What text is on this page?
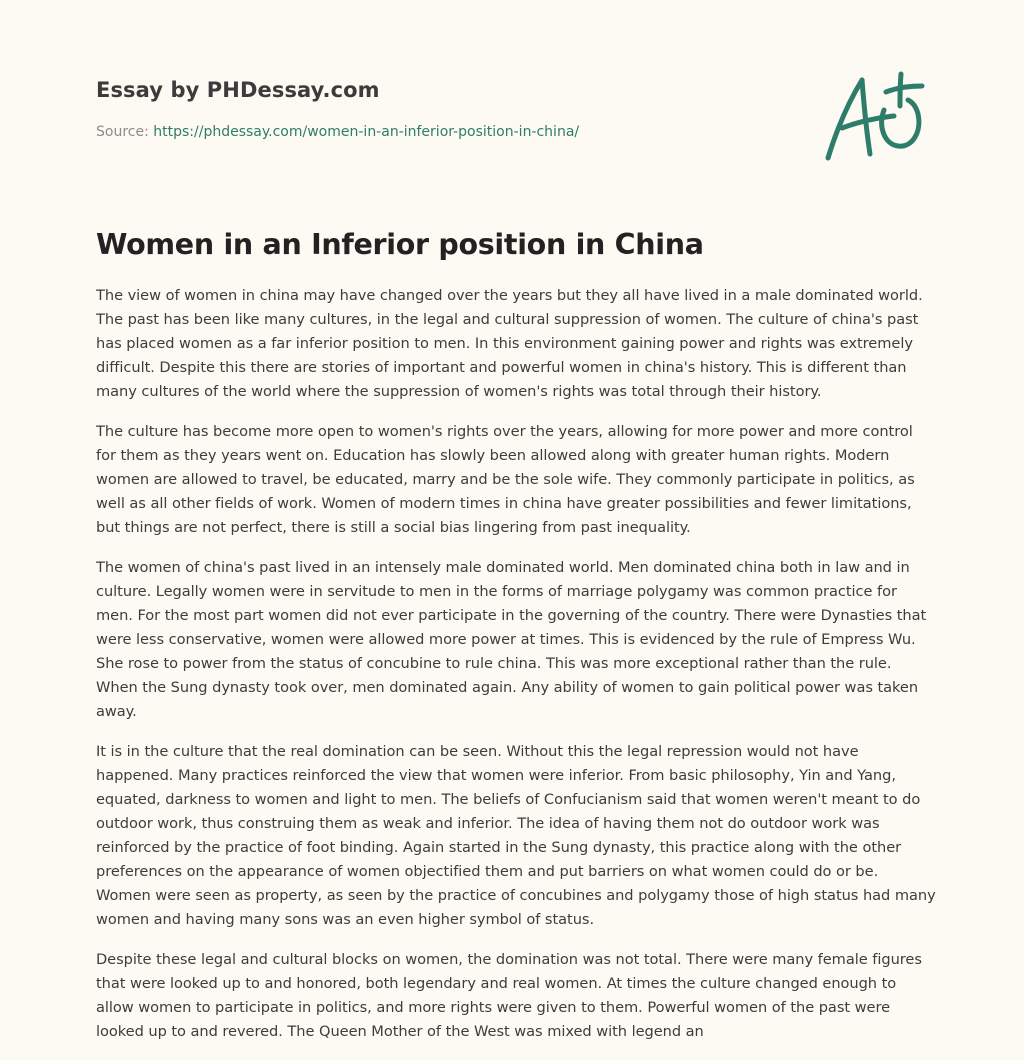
Essay by PHDessay.com
Source: https://phdessay.com/women-in-an-inferior-position-in-china/
Women in an Inferior position in China

The view of women in china may have changed over the years but they all have lived in a male dominated world. The past has been like many cultures, in the legal and cultural suppression of women. The culture of china's past has placed women as a far inferior position to men. In this environment gaining power and rights was extremely difficult. Despite this there are stories of important and powerful women in china's history. This is different than many cultures of the world where the suppression of women's rights was total through their history.

The culture has become more open to women's rights over the years, allowing for more power and more control for them as they years went on. Education has slowly been allowed along with greater human rights. Modern women are allowed to travel, be educated, marry and be the sole wife. They commonly participate in politics, as well as all other fields of work. Women of modern times in china have greater possibilities and fewer limitations, but things are not perfect, there is still a social bias lingering from past inequality.

The women of china's past lived in an intensely male dominated world. Men dominated china both in law and in culture. Legally women were in servitude to men in the forms of marriage polygamy was common practice for men. For the most part women did not ever participate in the governing of the country. There were Dynasties that were less conservative, women were allowed more power at times. This is evidenced by the rule of Empress Wu. She rose to power from the status of concubine to rule china. This was more exceptional rather than the rule. When the Sung dynasty took over, men dominated again. Any ability of women to gain political power was taken away.

It is in the culture that the real domination can be seen. Without this the legal repression would not have happened. Many practices reinforced the view that women were inferior. From basic philosophy, Yin and Yang, equated, darkness to women and light to men. The beliefs of Confucianism said that women weren't meant to do outdoor work, thus construing them as weak and inferior. The idea of having them not do outdoor work was reinforced by the practice of foot binding. Again started in the Sung dynasty, this practice along with the other preferences on the appearance of women objectified them and put barriers on what women could do or be. Women were seen as property, as seen by the practice of concubines and polygamy those of high status had many women and having many sons was an even higher symbol of status.

Despite these legal and cultural blocks on women, the domination was not total. There were many female figures that were looked up to and honored, both legendary and real women. At times the culture changed enough to allow women to participate in politics, and more rights were given to them. Powerful women of the past were looked up to and revered. The Queen Mother of the West was mixed with legend an
